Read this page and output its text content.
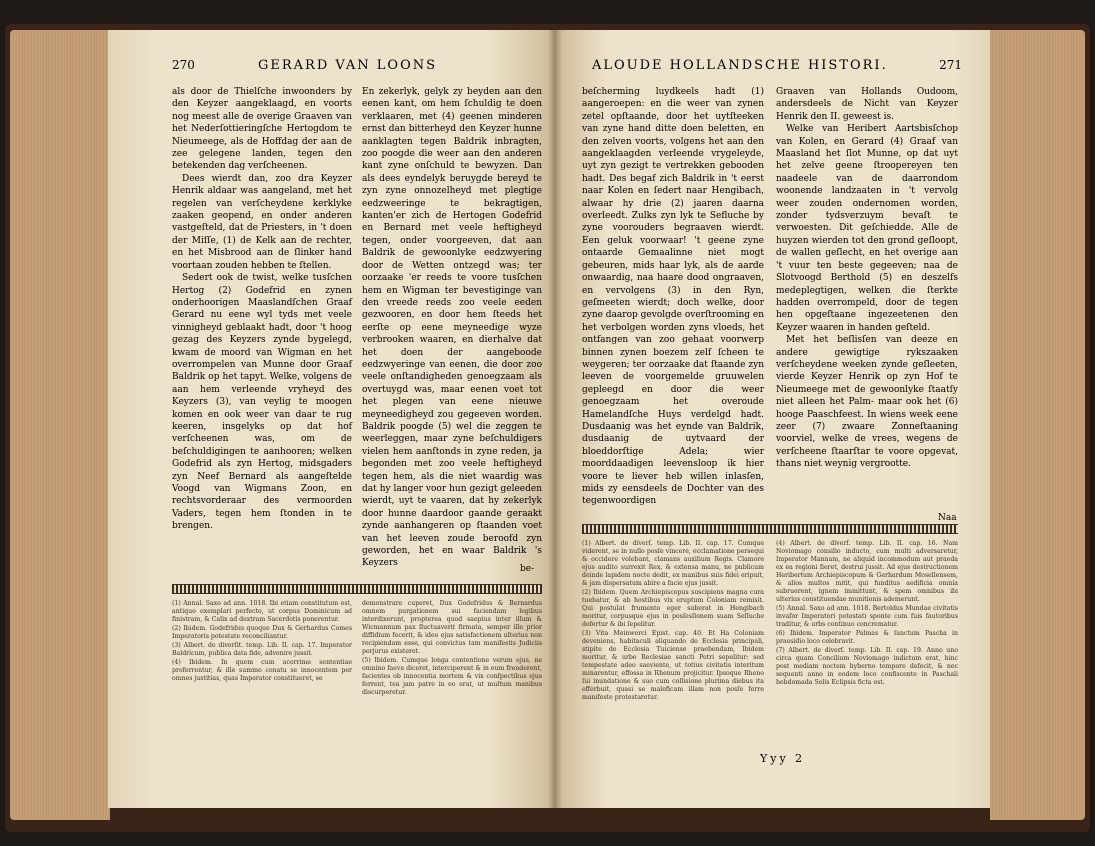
270	GERARD VAN LOONS

als door de Thielſche inwoonders by den Keyzer aangeklaagd, en voorts nog meest alle de overige Graaven van het Nederſottieringſche Hertogdom te Nieumeege, als de Hoffdag der aan de zee gelegene landen, tegen den betekenden dag verſcheenen.

Dees wierdt dan, zoo dra Keyzer Henrik aldaar was aangeland, met het regelen van verſcheydene kerklyke zaaken geopend, en onder anderen vastgeſteld, dat de Priesters, in 't doen der Miſſe, (1) de Kelk aan de rechter, en het Misbrood aan de ſlinker hand voortaan zouden hebben te ſtellen.

Sedert ook de twist, welke tusſchen Hertog (2) Godefrid en zynen onderhoorigen Maaslandſchen Graaf Gerard nu eene wyl tyds met veele vinnigheyd geblaakt hadt, door 't hoog gezag des Keyzers zynde bygelegd, kwam de moord van Wigman en het overrompelen van Munne door Graaf Baldrik op het tapyt. Welke, volgens de aan hem verleende vryheyd des Keyzers (3), van veylig te moogen komen en ook weer van daar te rug keeren, insgelyks op dat hof verſcheenen was, om de beſchuldigingen te aanhooren; welken Godefrid als zyn Hertog, midsgaders zyn Neef Bernard als aangeſtelde Voogd van Wigmans Zoon, en rechtsvorderaar des vermoorden Vaders, tegen hem ſtonden in te brengen.

En zekerlyk, gelyk zy beyden aan den eenen kant, om hem ſchuldig te doen verklaaren, met (4) geenen minderen ernst dan bitterheyd den Keyzer hunne aanklagten tegen Baldrik inbragten, zoo poogde die weer aan den anderen kant zyne onſchuld te bewyzen. Dan als dees eyndelyk beruygde bereyd te zyn zyne onnozelheyd met plegtige eedzweeringe te bekragtigen, kanten'er zich de Hertogen Godefrid en Bernard met veele heftigheyd tegen, onder voorgeeven, dat aan Baldrik de gewoonlyke eedzwyering door de Wetten ontzegd was; ter oorzaake 'er reeds te voore tusſchen hem en Wigman ter bevestiginge van den vreede reeds zoo veele eeden gezwooren, en door hem ſteeds het eerſte op eene meyneedige wyze verbrooken waaren, en dierhalve dat het doen der aangeboode eedzwyeringe van eenen, die door zoo veele onſtandigheden genoegzaam als overtuygd was, maar eenen voet tot het plegen van eene nieuwe meyneedigheyd zou gegeeven worden. Baldrik poogde (5) wel die zeggen te weerleggen, maar zyne beſchuldigers vielen hem aanſtonds in zyne reden, ja begonden met zoo veele heftigheyd tegen hem, als die niet waardig was dat hy langer voor hun gezigt geleeden wierdt, uyt te vaaren, dat hy zekerlyk door hunne daardoor gaande geraakt zynde aanhangeren op ſtaanden voet van het leeven zoude beroofd zyn geworden, het en waar Baldrik 's Keyzers

be-

(1) Annal. Saxo ad ann. 1018. Ibi etiam constitutum est, antiquo exemplari perfecto, ut corpus Dominicum ad finistram, & Calix ad dextram Sacerdotis ponerentur.

(2) Ibidem. Godefridus quoque Dux & Gerhardus Comes Imperatoris potestate reconciliantur.

(3) Albert. de diverſit. temp. Lib. II. cap. 17. Imperator Baldricum, publica data fide, advenire jussit.

(4) Ibidem. In quem cum acerrime sententiae proferrentur, & ille summo conatu se innocentem per omnes justitias, quas Imperator constitueret, se

demonstrare cuperet, Dux Godefridus & Bernardus omnem purgationem sui faciendam legibus interdixerunt, propterea quod saepius inter illum & Wicmannum pax fluctuaverit firmata, semper ille prior diffidium fecerit, & ideo ejus satisfactionem ulterius non recipiendam esse, qui convictus tam manifestis Judiciis perjurus existeret.

(5) Ibidem. Cumque longa contentione verum ejus, ne omnino faeva diceret, interciperent & in eum frenderent, facientes ob innocentia mortem & vix confpectibus ejus ferrent, tea jam patre in eo erat, ut multum manibus discurperetur.

ALOUDE HOLLANDSCHE HISTORI.	271

beſcherming luydkeels hadt (1) aangeroepen: en die weer van zynen zetel opſtaande, door het uytſteeken van zyne hand ditte doen beletten, en den zelven voorts, volgens het aan den aangeklaagden verleende vrygeleyde, uyt zyn gezigt te vertrekken gebooden hadt. Des begaf zich Baldrik in 't eerst naar Kolen en ſedert naar Hengibach, alwaar hy drie (2) jaaren daarna overleedt. Zulks zyn lyk te Sefluche by zyne voorouders begraaven wierdt. Een geluk voorwaar! 't geene zyne ontaarde Gemaalinne niet mogt gebeuren, mids haar lyk, als de aarde onwaardig, naa haare dood ongraaven, en vervolgens (3) in den Ryn, geſmeeten wierdt; doch welke, door zyne daarop gevolgde overſtrooming en het verbolgen worden zyns vloeds, het ontfangen van zoo gehaat voorwerp binnen zynen boezem zelf ſcheen te weygeren; ter oorzaake dat ſtaande zyn leeven de voorgemelde gruuwelen gepleegd en door die weer genoegzaam het overoude Hamelandſche Huys verdelgd hadt. Dusdaanig was het eynde van Baldrik, dusdaanig de uytvaard der bloeddorſtige Adela; wier moorddaadigen leevensloop ik hier voore te liever heb willen inlasſen, mids zy eensdeels de Dochter van des tegenwoordigen

Graaven van Hollands Oudoom, andersdeels de Nicht van Keyzer Henrik den II. geweest is.

Welke van Heribert Aartsbisſchop van Kolen, en Gerard (4) Graaf van Maasland het ſlot Munne, op dat uyt het zelve geene ſtroopereyen ten naadeele van de daarrondom woonende landzaaten in 't vervolg weer zouden ondernomen worden, zonder tydsverzuym bevaſt te verwoesten. Dit geſchiedde. Alle de huyzen wierden tot den grond geſloopt, de wallen geſlecht, en het overige aan 't vuur ten beste gegeeven; naa de Slotvoogd Berthold (5) en deszelfs medeplegtigen, welken die ſterkte hadden overrompeld, door de tegen hen opgeſtaane ingezeetenen den Keyzer waaren in handen geſteld.

Met het beſlisſen van deeze en andere gewigtige rykszaaken verſcheydene weeken zynde geſleeten, vierde Keyzer Henrik op zyn Hof te Nieumeege met de gewoonlyke ſtaatſy niet alleen het Palm- maar ook het (6) hooge Paaschfeest. In wiens week eene zeer (7) zwaare Zonneſtaaning voorviel, welke de vrees, wegens de verſcheene ſtaarſtar te voore opgevat, thans niet weynig vergrootte.

Naa

(1) Albert. de diverſ. temp. Lib. II. cap. 17. Cumque viderent, se in nullo posſe vincere, ecclamatione persequi & occidere volebant, clamans auxilium Regis. Clamore ejus audito surrexit Rex, & extensa manu, ne publicum deinde lapidem nocte dedit, ex manibus suis fidei eripuit, & jam dispersatum abire a facie ejus jussit.

(2) Ibidem. Quem Archiepiscopus suscipiens magna cura tuebatur, & ab hostibus vix eruptum Coloniam remisit. Qui postulat frumento eger suberat in Hengibach moritur, corpusque ejus in posſesſionem suam Seſluche defertur & ibi ſepelitur.

(3) Vita Meinwerci Epist. cap. 40. Et Ha Coloniam deveniens, habitaculi aliquando de Ecclesia principali, stipite de Ecclesia Tuiciense praebendam, Ibidem moritur, & urbe Reclesiae sancti Petri sepelitur: sed tempestate adeo saeviente, ut totius civitatis interitum minarentur, effossa in Rhenum projicitur. Ipsoque Rheno ſui inundatione & suo cum collisione plurima diebus ita efferbuit, quasi se maleficam illam non posſe ferre manifeste protestaretur.

(4) Albert. de diverſ. temp. Lib. II. cap. 16. Nam Noviomago consilio inducto, cum multi adversaretur, Imperator Mannam, ne aliquid incommodum aut praeda ex ea regioni fieret, destrui jussit. Ad ejus destructionem Heribertum Archiepiscopum & Gerhardum Mosellensem, & alios multos mitit, qui funditus aedificia omnia subruerent, ignem immittunt, & spem omnibus ibi ulterius constituendae munitionis ademerunt.

(5) Annal. Saxo ad ann. 1018. Bertoldus Mundae civitatis invafor Imperatori potestati sponte cum fuis fautoribus traditur, & urbs continuo concrematur.

(6) Ibidem. Imperator Palmas & ſanctum Pascha in praesidio loco celebravit.

(7) Albert. de diverſ. temp. Lib. II. cap. 19. Anno uno circa quam Concilium Noviomago indictum erat, hinc post mediam noctem hyberno tempore defecit, & nec sequenti anno in eodem loco confiscente in Paschali hebdomada Solis Eclipsis ficta est.

Yyy 2
